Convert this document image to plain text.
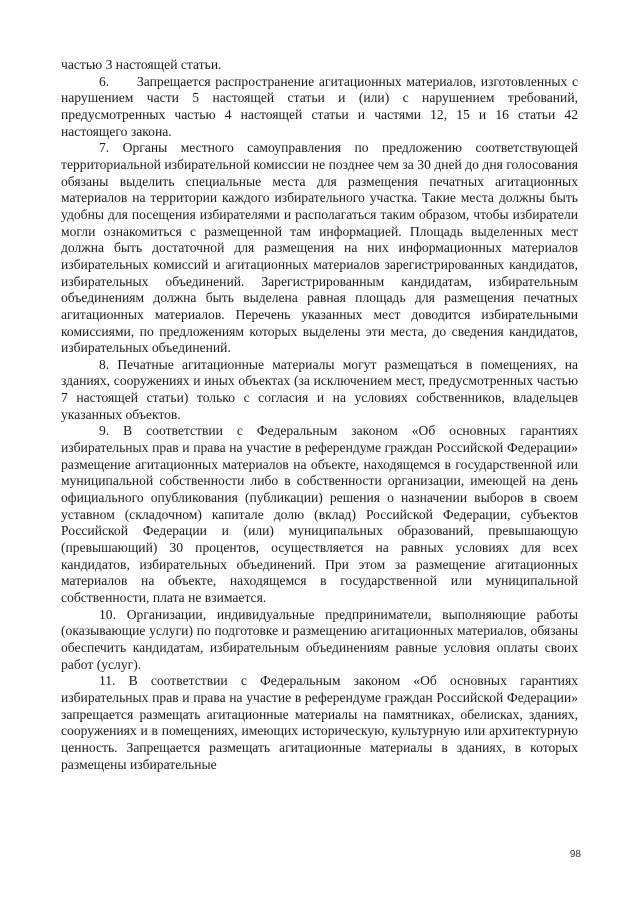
частью 3 настоящей статьи.

6.      Запрещается распространение агитационных материалов, изготовленных с нарушением части 5 настоящей статьи и (или) с нарушением требований, предусмотренных частью 4 настоящей статьи и частями 12, 15 и 16 статьи 42 настоящего закона.

7. Органы местного самоуправления по предложению соответствующей территориальной избирательной комиссии не позднее чем за 30 дней до дня голосования обязаны выделить специальные места для размещения печатных агитационных материалов на территории каждого избирательного участка. Такие места должны быть удобны для посещения избирателями и располагаться таким образом, чтобы избиратели могли ознакомиться с размещенной там информацией. Площадь выделенных мест должна быть достаточной для размещения на них информационных материалов избирательных комиссий и агитационных материалов зарегистрированных кандидатов, избирательных объединений. Зарегистрированным кандидатам, избирательным объединениям должна быть выделена равная площадь для размещения печатных агитационных материалов. Перечень указанных мест доводится избирательными комиссиями, по предложениям которых выделены эти места, до сведения кандидатов, избирательных объединений.

8. Печатные агитационные материалы могут размещаться в помещениях, на зданиях, сооружениях и иных объектах (за исключением мест, предусмотренных частью 7 настоящей статьи) только с согласия и на условиях собственников, владельцев указанных объектов.

9. В соответствии с Федеральным законом «Об основных гарантиях избирательных прав и права на участие в референдуме граждан Российской Федерации» размещение агитационных материалов на объекте, находящемся в государственной или муниципальной собственности либо в собственности организации, имеющей на день официального опубликования (публикации) решения о назначении выборов в своем уставном (складочном) капитале долю (вклад) Российской Федерации, субъектов Российской Федерации и (или) муниципальных образований, превышающую (превышающий) 30 процентов, осуществляется на равных условиях для всех кандидатов, избирательных объединений. При этом за размещение агитационных материалов на объекте, находящемся в государственной или муниципальной собственности, плата не взимается.

10. Организации, индивидуальные предприниматели, выполняющие работы (оказывающие услуги) по подготовке и размещению агитационных материалов, обязаны обеспечить кандидатам, избирательным объединениям равные условия оплаты своих работ (услуг).

11. В соответствии с Федеральным законом «Об основных гарантиях избирательных прав и права на участие в референдуме граждан Российской Федерации» запрещается размещать агитационные материалы на памятниках, обелисках, зданиях, сооружениях и в помещениях, имеющих историческую, культурную или архитектурную ценность. Запрещается размещать агитационные материалы в зданиях, в которых размещены избирательные

98
